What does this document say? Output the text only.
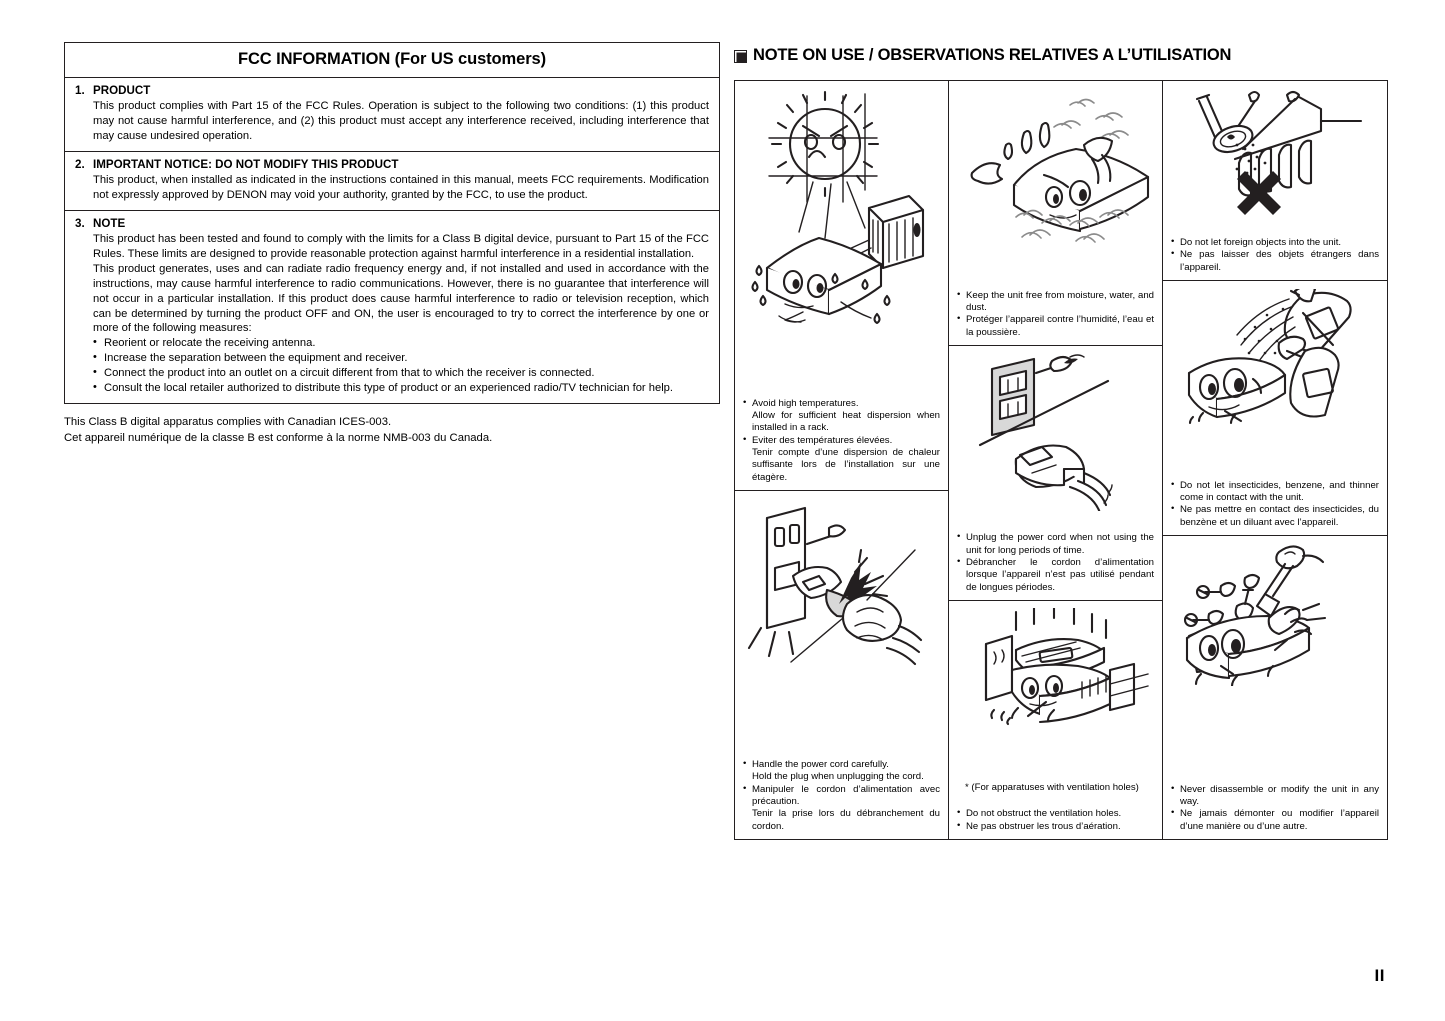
FCC INFORMATION (For US customers)
1. PRODUCT

This product complies with Part 15 of the FCC Rules. Operation is subject to the following two conditions: (1) this product may not cause harmful interference, and (2) this product must accept any interference received, including interference that may cause undesired operation.

2. IMPORTANT NOTICE: DO NOT MODIFY THIS PRODUCT

This product, when installed as indicated in the instructions contained in this manual, meets FCC requirements. Modification not expressly approved by DENON may void your authority, granted by the FCC, to use the product.

3. NOTE

This product has been tested and found to comply with the limits for a Class B digital device, pursuant to Part 15 of the FCC Rules. These limits are designed to provide reasonable protection against harmful interference in a residential installation.

This product generates, uses and can radiate radio frequency energy and, if not installed and used in accordance with the instructions, may cause harmful interference to radio communications. However, there is no guarantee that interference will not occur in a particular installation. If this product does cause harmful interference to radio or television reception, which can be determined by turning the product OFF and ON, the user is encouraged to try to correct the interference by one or more of the following measures:

• Reorient or relocate the receiving antenna.
• Increase the separation between the equipment and receiver.
• Connect the product into an outlet on a circuit different from that to which the receiver is connected.
• Consult the local retailer authorized to distribute this type of product or an experienced radio/TV technician for help.
This Class B digital apparatus complies with Canadian ICES-003.
Cet appareil numérique de la classe B est conforme à la norme NMB-003 du Canada.
NOTE ON USE / OBSERVATIONS RELATIVES A L’UTILISATION
• Avoid high temperatures.
Allow for sufficient heat dispersion when installed in a rack.
• Eviter des températures élevées.
Tenir compte d’une dispersion de chaleur suffisante lors de l’installation sur une étagère.
• Handle the power cord carefully.
Hold the plug when unplugging the cord.
• Manipuler le cordon d’alimentation avec précaution.
Tenir la prise lors du débranchement du cordon.
• Keep the unit free from moisture, water, and dust.
• Protéger l’appareil contre l’humidité, l’eau et la poussière.
• Unplug the power cord when not using the unit for long periods of time.
• Débrancher le cordon d’alimentation lorsque l’appareil n’est pas utilisé pendant de longues périodes.
* (For apparatuses with ventilation holes)
• Do not obstruct the ventilation holes.
• Ne pas obstruer les trous d’aération.
• Do not let foreign objects into the unit.
• Ne pas laisser des objets étrangers dans l’appareil.
• Do not let insecticides, benzene, and thinner come in contact with the unit.
• Ne pas mettre en contact des insecticides, du benzène et un diluant avec l’appareil.
• Never disassemble or modify the unit in any way.
• Ne jamais démonter ou modifier l’appareil d’une manière ou d’une autre.
II
